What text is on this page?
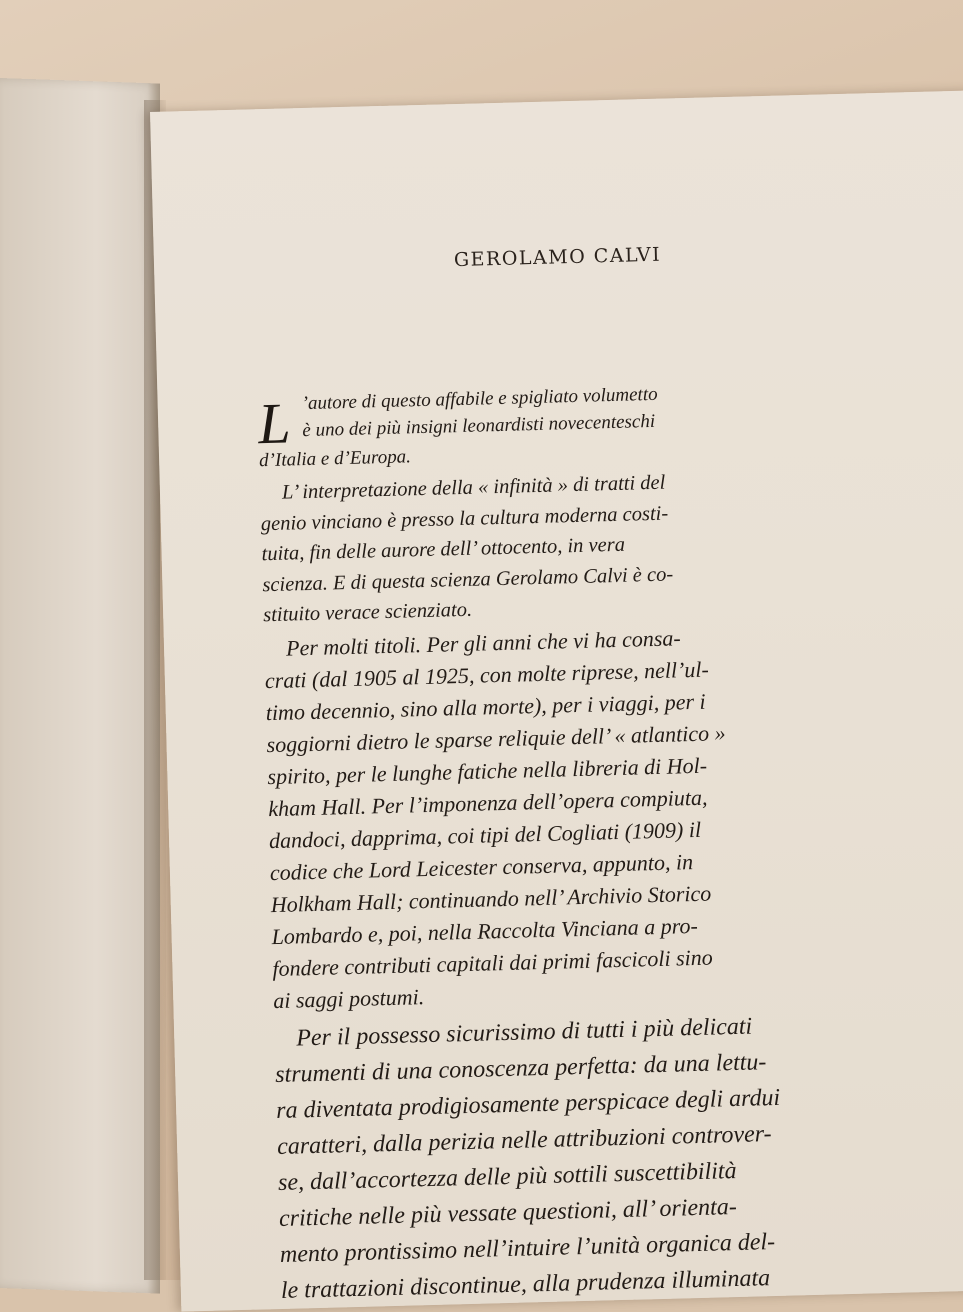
GEROLAMO CALVI
L ’autore di questo affabile e spigliato volumetto
è uno dei più insigni leonardisti novecenteschi
d’Italia e d’Europa.
L’ interpretazione della « infinità » di tratti del
genio vinciano è presso la cultura moderna costi-
tuita, fin delle aurore dell’ ottocento, in vera
scienza. E di questa scienza Gerolamo Calvi è co-
stituito verace scienziato.
Per molti titoli. Per gli anni che vi ha consa-
crati (dal 1905 al 1925, con molte riprese, nell’ul-
timo decennio, sino alla morte), per i viaggi, per i
soggiorni dietro le sparse reliquie dell’ « atlantico »
spirito, per le lunghe fatiche nella libreria di Hol-
kham Hall. Per l’imponenza dell’opera compiuta,
dandoci, dapprima, coi tipi del Cogliati (1909) il
codice che Lord Leicester conserva, appunto, in
Holkham Hall; continuando nell’ Archivio Storico
Lombardo e, poi, nella Raccolta Vinciana a pro-
fondere contributi capitali dai primi fascicoli sino
ai saggi postumi.
Per il possesso sicurissimo di tutti i più delicati
strumenti di una conoscenza perfetta: da una lettu-
ra diventata prodigiosamente perspicace degli ardui
caratteri, dalla perizia nelle attribuzioni controver-
se, dall’accortezza delle più sottili suscettibilità
critiche nelle più vessate questioni, all’ orienta-
mento prontissimo nell’intuire l’unità organica del-
le trattazioni discontinue, alla prudenza illuminata
